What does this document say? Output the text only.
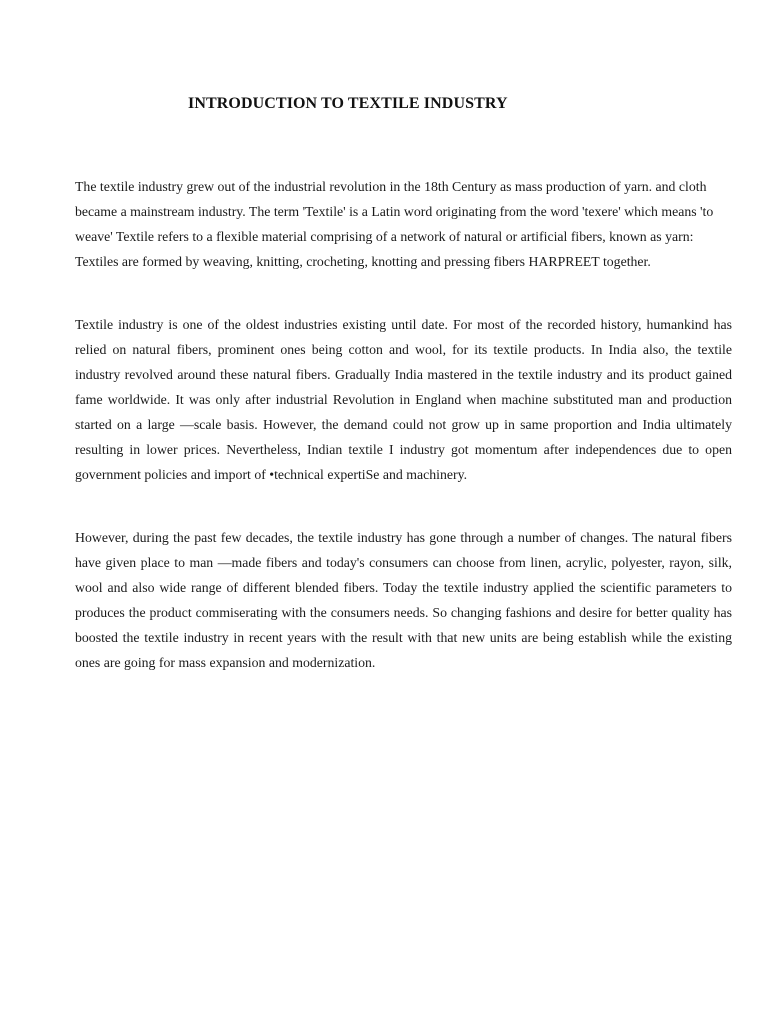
INTRODUCTION TO TEXTILE INDUSTRY

The textile industry grew out of the industrial revolution in the 18th Century as mass production of yarn. and cloth became a mainstream industry. The term 'Textile' is a Latin word originating from the word 'texere' which means 'to weave' Textile refers to a flexible material comprising of a network of natural or artificial fibers, known as yarn: Textiles are formed by weaving, knitting, crocheting, knotting and pressing fibers HARPREET together.

Textile industry is one of the oldest industries existing until date. For most of the recorded history, humankind has relied on natural fibers, prominent ones being cotton and wool, for its textile products. In India also, the textile industry revolved around these natural fibers. Gradually India mastered in the textile industry and its product gained fame worldwide. It was only after industrial Revolution in England when machine substituted man and production started on a large —scale basis. However, the demand could not grow up in same proportion and India ultimately resulting in lower prices. Nevertheless, Indian textile I industry got momentum after independences due to open government policies and import of •technical expertiSe and machinery.

However, during the past few decades, the textile industry has gone through a number of changes. The natural fibers have given place to man —made fibers and today's consumers can choose from linen, acrylic, polyester, rayon, silk, wool and also wide range of different blended fibers. Today the textile industry applied the scientific parameters to produces the product commiserating with the consumers needs. So changing fashions and desire for better quality has boosted the textile industry in recent years with the result with that new units are being establish while the existing ones are going for mass expansion and modernization.
